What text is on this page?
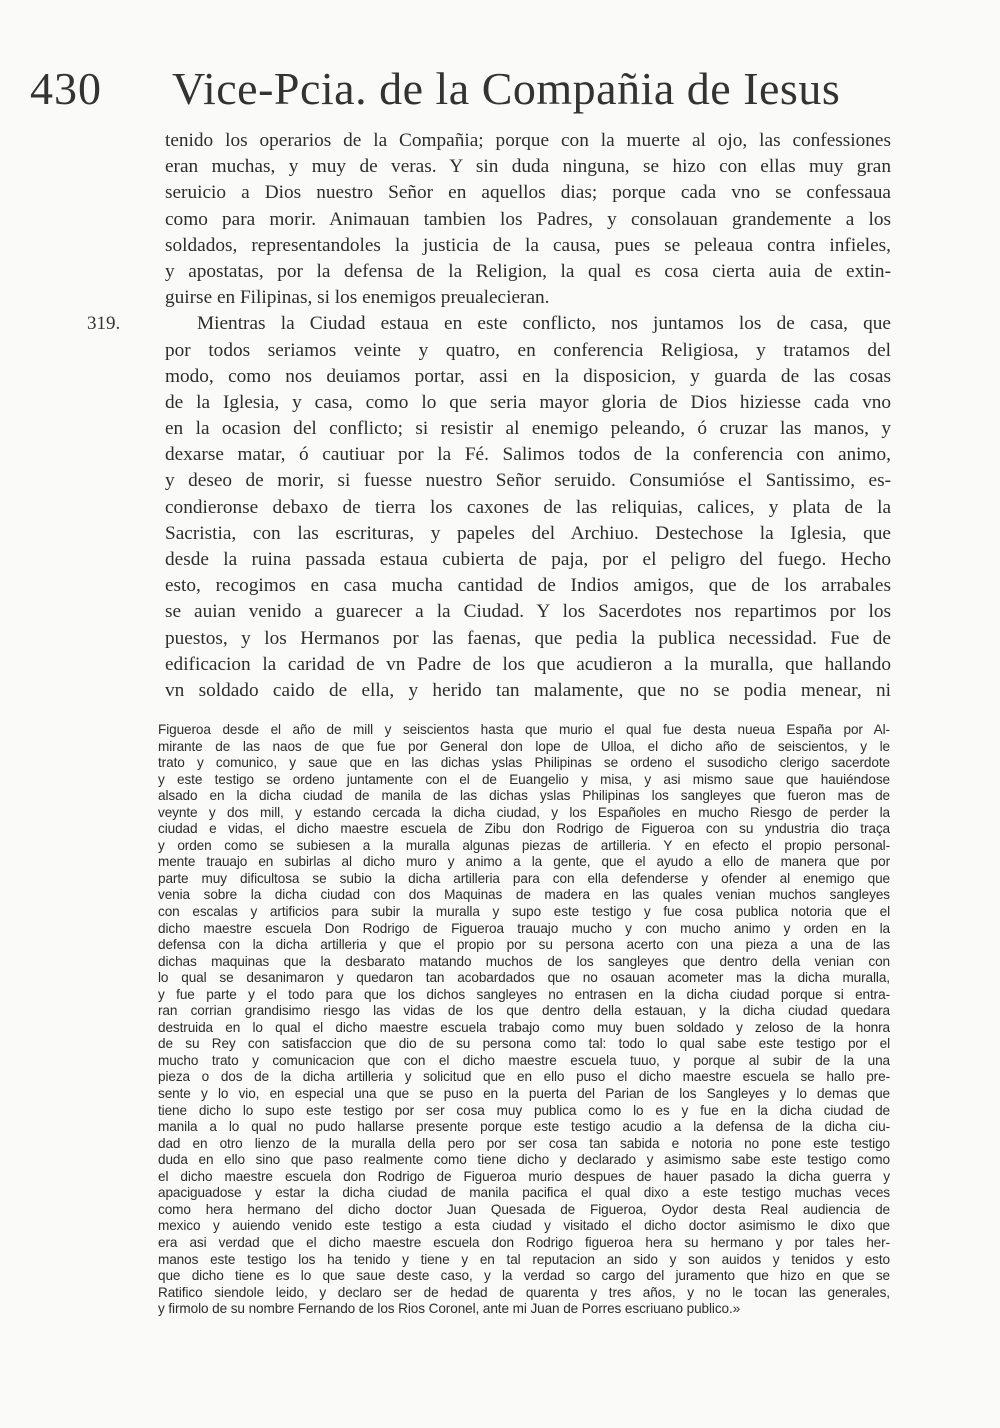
430 Vice-Pcia. de la Compañia de Iesus
319.
tenido los operarios de la Compañia; porque con la muerte al ojo, las confessiones
eran muchas, y muy de veras. Y sin duda ninguna, se hizo con ellas muy gran
seruicio a Dios nuestro Señor en aquellos dias; porque cada vno se confessaua
como para morir. Animauan tambien los Padres, y consolauan grandemente a los
soldados, representandoles la justicia de la causa, pues se peleaua contra infieles,
y apostatas, por la defensa de la Religion, la qual es cosa cierta auia de extin-
guirse en Filipinas, si los enemigos preualecieran.
Mientras la Ciudad estaua en este conflicto, nos juntamos los de casa, que
por todos seriamos veinte y quatro, en conferencia Religiosa, y tratamos del
modo, como nos deuiamos portar, assi en la disposicion, y guarda de las cosas
de la Iglesia, y casa, como lo que seria mayor gloria de Dios hiziesse cada vno
en la ocasion del conflicto; si resistir al enemigo peleando, ó cruzar las manos, y
dexarse matar, ó cautiuar por la Fé. Salimos todos de la conferencia con animo,
y deseo de morir, si fuesse nuestro Señor seruido. Consumióse el Santissimo, es-
condieronse debaxo de tierra los caxones de las reliquias, calices, y plata de la
Sacristia, con las escrituras, y papeles del Archiuo. Destechose la Iglesia, que
desde la ruina passada estaua cubierta de paja, por el peligro del fuego. Hecho
esto, recogimos en casa mucha cantidad de Indios amigos, que de los arrabales
se auian venido a guarecer a la Ciudad. Y los Sacerdotes nos repartimos por los
puestos, y los Hermanos por las faenas, que pedia la publica necessidad. Fue de
edificacion la caridad de vn Padre de los que acudieron a la muralla, que hallando
vn soldado caido de ella, y herido tan malamente, que no se podia menear, ni
Figueroa desde el año de mill y seiscientos hasta que murio el qual fue desta nueua España por Al-
mirante de las naos de que fue por General don lope de Ulloa, el dicho año de seiscientos, y le
trato y comunico, y saue que en las dichas yslas Philipinas se ordeno el susodicho clerigo sacerdote
y este testigo se ordeno juntamente con el de Euangelio y misa, y asi mismo saue que hauiéndose
alsado en la dicha ciudad de manila de las dichas yslas Philipinas los sangleyes que fueron mas de
veynte y dos mill, y estando cercada la dicha ciudad, y los Españoles en mucho Riesgo de perder la
ciudad e vidas, el dicho maestre escuela de Zibu don Rodrigo de Figueroa con su yndustria dio traça
y orden como se subiesen a la muralla algunas piezas de artilleria. Y en efecto el propio personal-
mente trauajo en subirlas al dicho muro y animo a la gente, que el ayudo a ello de manera que por
parte muy dificultosa se subio la dicha artilleria para con ella defenderse y ofender al enemigo que
venia sobre la dicha ciudad con dos Maquinas de madera en las quales venian muchos sangleyes
con escalas y artificios para subir la muralla y supo este testigo y fue cosa publica notoria que el
dicho maestre escuela Don Rodrigo de Figueroa trauajo mucho y con mucho animo y orden en la
defensa con la dicha artilleria y que el propio por su persona acerto con una pieza a una de las
dichas maquinas que la desbarato matando muchos de los sangleyes que dentro della venian con
lo qual se desanimaron y quedaron tan acobardados que no osauan acometer mas la dicha muralla,
y fue parte y el todo para que los dichos sangleyes no entrasen en la dicha ciudad porque si entra-
ran corrian grandisimo riesgo las vidas de los que dentro della estauan, y la dicha ciudad quedara
destruida en lo qual el dicho maestre escuela trabajo como muy buen soldado y zeloso de la honra
de su Rey con satisfaccion que dio de su persona como tal: todo lo qual sabe este testigo por el
mucho trato y comunicacion que con el dicho maestre escuela tuuo, y porque al subir de la una
pieza o dos de la dicha artilleria y solicitud que en ello puso el dicho maestre escuela se hallo pre-
sente y lo vio, en especial una que se puso en la puerta del Parian de los Sangleyes y lo demas que
tiene dicho lo supo este testigo por ser cosa muy publica como lo es y fue en la dicha ciudad de
manila a lo qual no pudo hallarse presente porque este testigo acudio a la defensa de la dicha ciu-
dad en otro lienzo de la muralla della pero por ser cosa tan sabida e notoria no pone este testigo
duda en ello sino que paso realmente como tiene dicho y declarado y asimismo sabe este testigo como
el dicho maestre escuela don Rodrigo de Figueroa murio despues de hauer pasado la dicha guerra y
apaciguadose y estar la dicha ciudad de manila pacifica el qual dixo a este testigo muchas veces
como hera hermano del dicho doctor Juan Quesada de Figueroa, Oydor desta Real audiencia de
mexico y auiendo venido este testigo a esta ciudad y visitado el dicho doctor asimismo le dixo que
era asi verdad que el dicho maestre escuela don Rodrigo figueroa hera su hermano y por tales her-
manos este testigo los ha tenido y tiene y en tal reputacion an sido y son auidos y tenidos y esto
que dicho tiene es lo que saue deste caso, y la verdad so cargo del juramento que hizo en que se
Ratifico siendole leido, y declaro ser de hedad de quarenta y tres años, y no le tocan las generales,
y firmolo de su nombre Fernando de los Rios Coronel, ante mi Juan de Porres escriuano publico.»
